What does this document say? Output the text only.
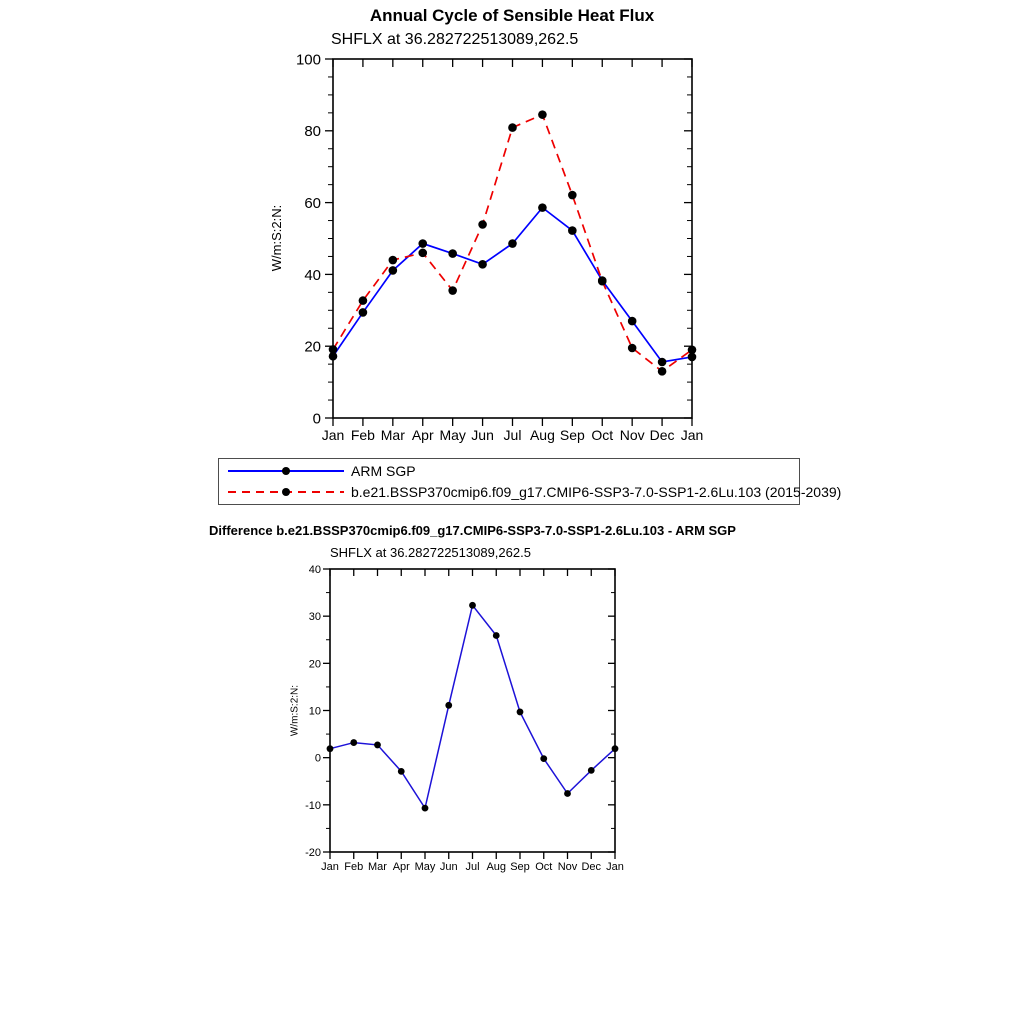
Annual Cycle of Sensible Heat Flux
SHFLX at 36.282722513089,262.5
W/m:S:2:N:
0
20
40
60
80
100
Jan Feb Mar Apr May Jun Jul Aug Sep Oct Nov Dec Jan
ARM SGP
b.e21.BSSP370cmip6.f09_g17.CMIP6-SSP3-7.0-SSP1-2.6Lu.103 (2015-2039)
Difference b.e21.BSSP370cmip6.f09_g17.CMIP6-SSP3-7.0-SSP1-2.6Lu.103 - ARM SGP
SHFLX at 36.282722513089,262.5
W/m:S:2:N:
-20
-10
0
10
20
30
40
Jan Feb Mar Apr May Jun Jul Aug Sep Oct Nov Dec Jan
